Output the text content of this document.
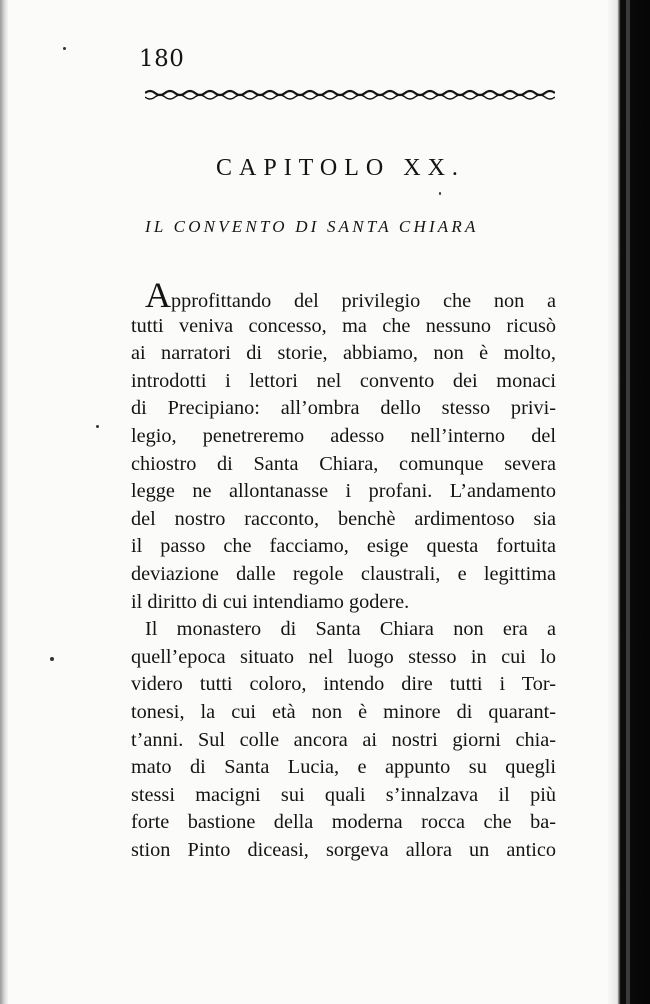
180
CAPITOLO XX.
IL CONVENTO DI SANTA CHIARA
Approfittando del privilegio che non a
tutti veniva concesso, ma che nessuno ricusò
ai narratori di storie, abbiamo, non è molto,
introdotti i lettori nel convento dei monaci
di Precipiano: all’ombra dello stesso privi-
legio, penetreremo adesso nell’interno del
chiostro di Santa Chiara, comunque severa
legge ne allontanasse i profani. L’andamento
del nostro racconto, benchè ardimentoso sia
il passo che facciamo, esige questa fortuita
deviazione dalle regole claustrali, e legittima
il diritto di cui intendiamo godere.
Il monastero di Santa Chiara non era a
quell’epoca situato nel luogo stesso in cui lo
videro tutti coloro, intendo dire tutti i Tor-
tonesi, la cui età non è minore di quarant-
t’anni. Sul colle ancora ai nostri giorni chia-
mato di Santa Lucia, e appunto su quegli
stessi macigni sui quali s’innalzava il più
forte bastione della moderna rocca che ba-
stion Pinto diceasi, sorgeva allora un antico
